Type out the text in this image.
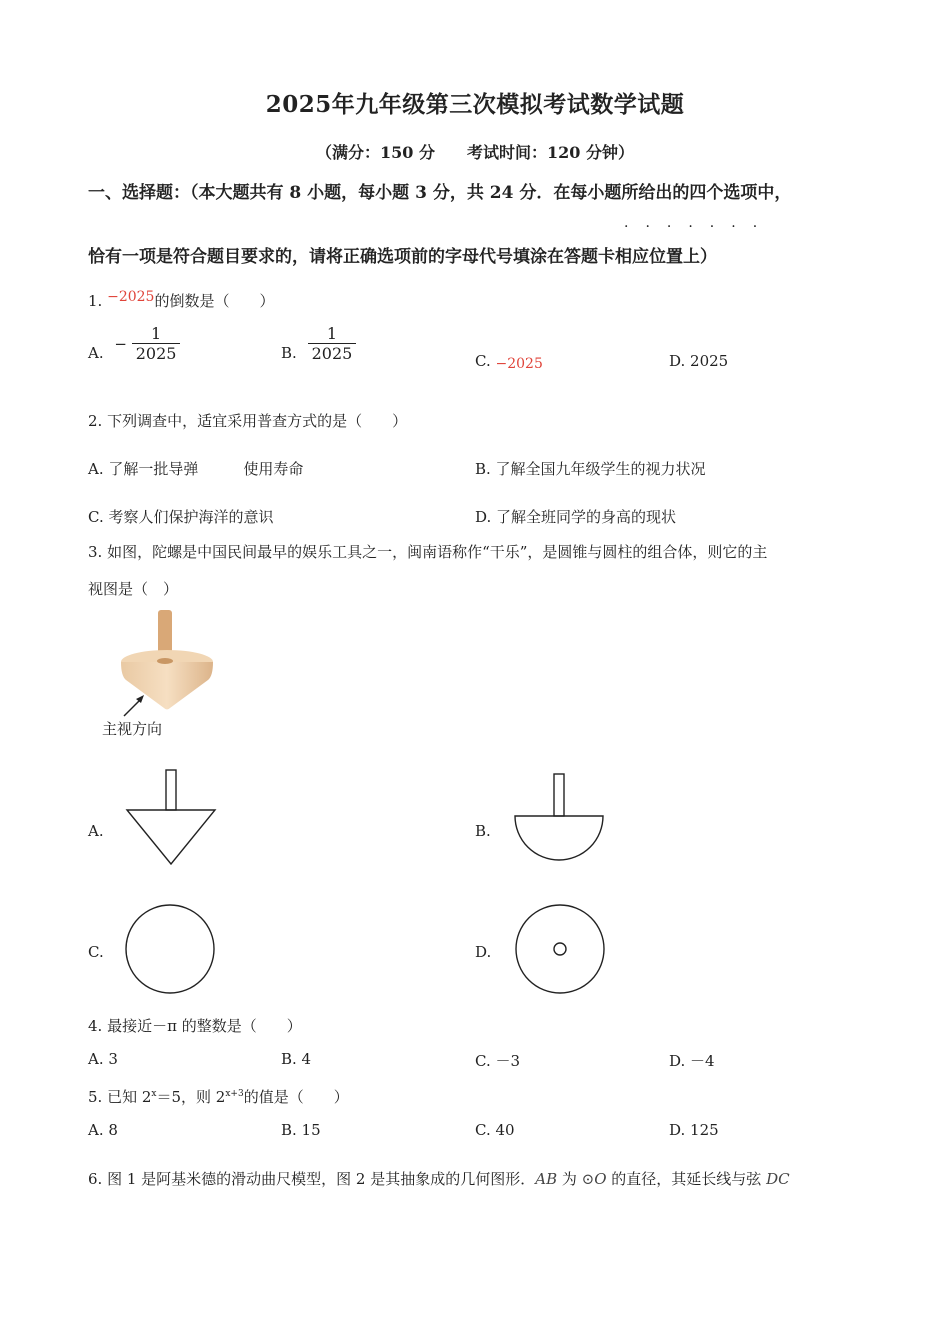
2025年九年级第三次模拟考试数学试题
（满分：150 分　　考试时间：120 分钟）
一、选择题：（本大题共有 8 小题，每小题 3 分，共 24 分．在每小题所给出的四个选项中，
·······
恰有一项是符合题目要求的，请将正确选项前的字母代号填涂在答题卡相应位置上）
1. −2025的倒数是（　　）
A. − $\frac{1}{2025}$	B. $\frac{1}{2025}$	C. −2025	D. 2025
2. 下列调查中，适宜采用普查方式的是（　　）
A. 了解一批导弹　　　使用寿命	B. 了解全国九年级学生的视力状况
C. 考察人们保护海洋的意识	D. 了解全班同学的身高的现状
3. 如图，陀螺是中国民间最早的娱乐工具之一，闽南语称作“干乐”，是圆锥与圆柱的组合体，则它的主
视图是（　）
主视方向
A.	B.
C.	D.
4. 最接近－π 的整数是（　　）
A. 3	B. 4	C. －3	D. －4
5. 已知 $2^x=5$，则 $2^{x+3}$的值是（　　）
A. 8	B. 15	C. 40	D. 125
6. 图 1 是阿基米德的滑动曲尺模型，图 2 是其抽象成的几何图形．AB 为 ⊙O 的直径，其延长线与弦 DC
